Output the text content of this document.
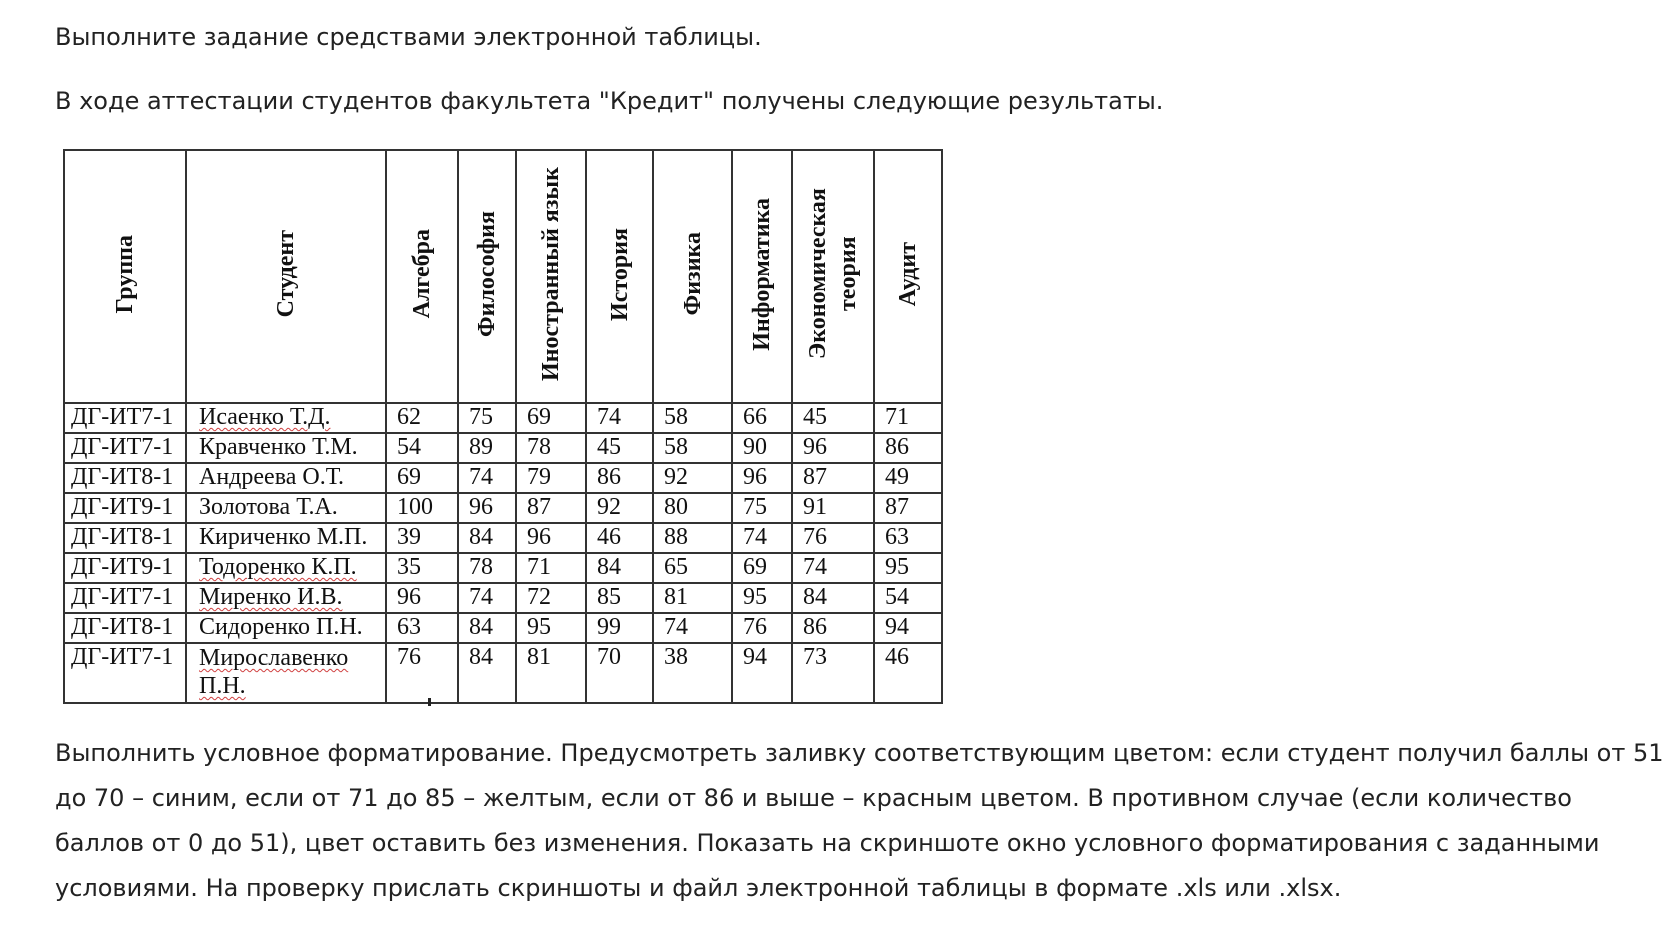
Выполните задание средствами электронной таблицы.

В ходе аттестации студентов факультета "Кредит" получены следующие результаты.

Группа	Студент	Алгебра	Философия	Иностранный язык	История	Физика	Информатика	Экономическая теория	Аудит
ДГ-ИТ7-1	Исаенко Т.Д.	62	75	69	74	58	66	45	71
ДГ-ИТ7-1	Кравченко Т.М.	54	89	78	45	58	90	96	86
ДГ-ИТ8-1	Андреева О.Т.	69	74	79	86	92	96	87	49
ДГ-ИТ9-1	Золотова Т.А.	100	96	87	92	80	75	91	87
ДГ-ИТ8-1	Кириченко М.П.	39	84	96	46	88	74	76	63
ДГ-ИТ9-1	Тодоренко К.П.	35	78	71	84	65	69	74	95
ДГ-ИТ7-1	Миренко И.В.	96	74	72	85	81	95	84	54
ДГ-ИТ8-1	Сидоренко П.Н.	63	84	95	99	74	76	86	94
ДГ-ИТ7-1	Мирославенко П.Н.	76	84	81	70	38	94	73	46

Выполнить условное форматирование. Предусмотреть заливку соответствующим цветом: если студент получил баллы от 51 до 70 – синим, если от 71 до 85 – желтым, если от 86 и выше – красным цветом. В противном случае (если количество баллов от 0 до 51), цвет оставить без изменения. Показать на скриншоте окно условного форматирования с заданными условиями. На проверку прислать скриншоты и файл электронной таблицы в формате .xls или .xlsx.
